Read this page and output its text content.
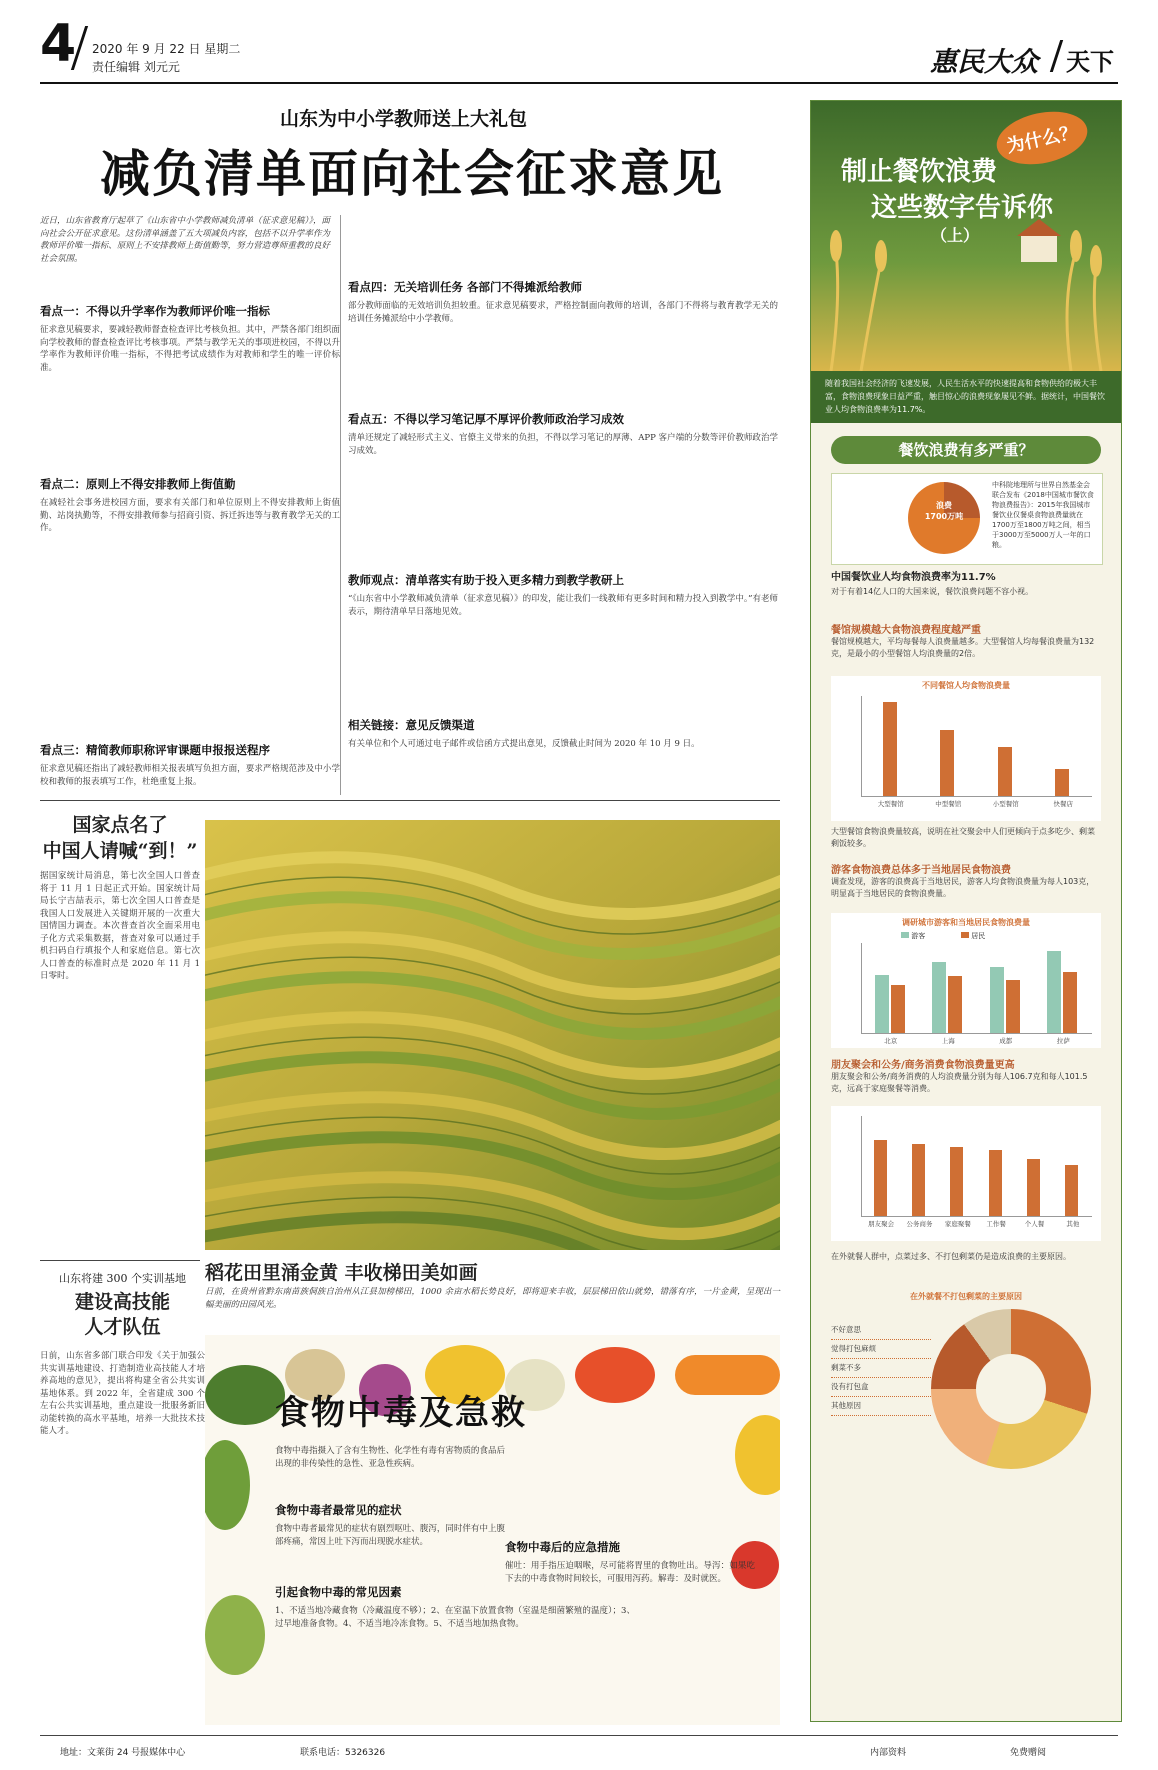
4 2020 年 9 月 22 日 星期二
责任编辑 刘元元	惠民大众 天下
山东为中小学教师送上大礼包
减负清单面向社会征求意见
近日，山东省教育厅起草了《山东省中小学教师减负清单（征求意见稿）》，面向社会公开征求意见。这份清单涵盖了五大项减负内容，包括不以升学率作为教师评价唯一指标、原则上不安排教师上街值勤等，努力营造尊师重教的良好社会氛围。
看点一：不得以升学率作为教师评价唯一指标
征求意见稿要求，要减轻教师督查检查评比考核负担。其中，严禁各部门组织面向学校教师的督查检查评比考核事项。严禁与教学无关的事项进校园，不得以升学率作为教师评价唯一指标，不得把考试成绩作为对教师和学生的唯一评价标准。
看点二：原则上不得安排教师上街值勤
在减轻社会事务进校园方面，要求有关部门和单位原则上不得安排教师上街值勤、站岗执勤等，不得安排教师参与招商引资、拆迁拆违等与教育教学无关的工作。
看点三：精简教师职称评审课题申报报送程序
征求意见稿还指出了减轻教师相关报表填写负担方面，要求严格规范涉及中小学校和教师的报表填写工作，杜绝重复上报。
看点四：无关培训任务 各部门不得摊派给教师
部分教师面临的无效培训负担较重。征求意见稿要求，严格控制面向教师的培训，各部门不得将与教育教学无关的培训任务摊派给中小学教师。
看点五：不得以学习笔记厚不厚评价教师政治学习成效
清单还规定了减轻形式主义、官僚主义带来的负担，不得以学习笔记的厚薄、APP 客户端的分数等评价教师政治学习成效。
教师观点：清单落实有助于投入更多精力到教学教研上
“《山东省中小学教师减负清单（征求意见稿）》的印发，能让我们一线教师有更多时间和精力投入到教学中。”有老师表示，期待清单早日落地见效。
相关链接：意见反馈渠道
有关单位和个人可通过电子邮件或信函方式提出意见，反馈截止时间为 2020 年 10 月 9 日。
国家点名了
中国人请喊“到！”
据国家统计局消息，第七次全国人口普查将于 11 月 1 日起正式开始。国家统计局局长宁吉喆表示，第七次全国人口普查是我国人口发展进入关键期开展的一次重大国情国力调查。本次普查首次全面采用电子化方式采集数据，普查对象可以通过手机扫码自行填报个人和家庭信息。第七次人口普查的标准时点是 2020 年 11 月 1 日零时。
稻花田里涌金黄 丰收梯田美如画
日前，在贵州省黔东南苗族侗族自治州从江县加榜梯田，1000 余亩水稻长势良好，即将迎来丰收，层层梯田依山就势，错落有序，一片金黄，呈现出一幅美丽的田园风光。
山东将建 300 个实训基地
建设高技能
人才队伍
日前，山东省多部门联合印发《关于加强公共实训基地建设、打造制造业高技能人才培养高地的意见》，提出将构建全省公共实训基地体系。到 2022 年，全省建成 300 个左右公共实训基地，重点建设一批服务新旧动能转换的高水平基地，培养一大批技术技能人才。	食物中毒及急救
食物中毒指摄入了含有生物性、化学性有毒有害物质的食品后出现的非传染性的急性、亚急性疾病。
食物中毒者最常见的症状
食物中毒者最常见的症状有剧烈呕吐、腹泻，同时伴有中上腹部疼痛，常因上吐下泻而出现脱水症状。
引起食物中毒的常见因素
1、不适当地冷藏食物（冷藏温度不够）；2、在室温下放置食物（室温是细菌繁殖的温度）；3、过早地准备食物。4、不适当地冷冻食物。5、不适当地加热食物。
食物中毒后的应急措施
催吐：用手指压迫咽喉，尽可能将胃里的食物吐出。导泻：如果吃下去的中毒食物时间较长，可服用泻药。解毒：及时就医。
为什么？
制止餐饮浪费
这些数字告诉你
（上）
随着我国社会经济的飞速发展，人民生活水平的快速提高和食物供给的极大丰富，食物浪费现象日益严重，触目惊心的浪费现象屡见不鲜。据统计，中国餐饮业人均食物浪费率为11.7%。
餐饮浪费有多严重？
浪费
1700万吨
中科院地理所与世界自然基金会联合发布《2018中国城市餐饮食物浪费报告》：2015年我国城市餐饮业仅餐桌食物浪费量就在1700万至1800万吨之间，相当于3000万至5000万人一年的口粮。
中国餐饮业人均食物浪费率为11.7%
对于有着14亿人口的大国来说，餐饮浪费问题不容小视。
餐馆规模越大食物浪费程度越严重
餐馆规模越大，平均每餐每人浪费量越多。大型餐馆人均每餐浪费量为132克，是最小的小型餐馆人均浪费量的2倍。
不同餐馆人均食物浪费量
大型餐馆	中型餐馆	小型餐馆	快餐店
大型餐馆食物浪费量较高，说明在社交聚会中人们更倾向于点多吃少、剩菜剩饭较多。
游客食物浪费总体多于当地居民食物浪费
调查发现，游客的浪费高于当地居民，游客人均食物浪费量为每人103克，明显高于当地居民的食物浪费量。
调研城市游客和当地居民食物浪费量
游客	居民
北京	上海	成都	拉萨
朋友聚会和公务/商务消费食物浪费量更高
朋友聚会和公务/商务消费的人均浪费量分别为每人106.7克和每人101.5克，远高于家庭聚餐等消费。
朋友聚会	公务商务	家庭聚餐	工作餐	个人餐	其他
在外就餐人群中，点菜过多、不打包剩菜仍是造成浪费的主要原因。
在外就餐不打包剩菜的主要原因
不好意思
觉得打包麻烦
剩菜不多
没有打包盒
其他原因
地址：文莱街 24 号报媒体中心	联系电话：5326326	内部资料	免费赠阅
